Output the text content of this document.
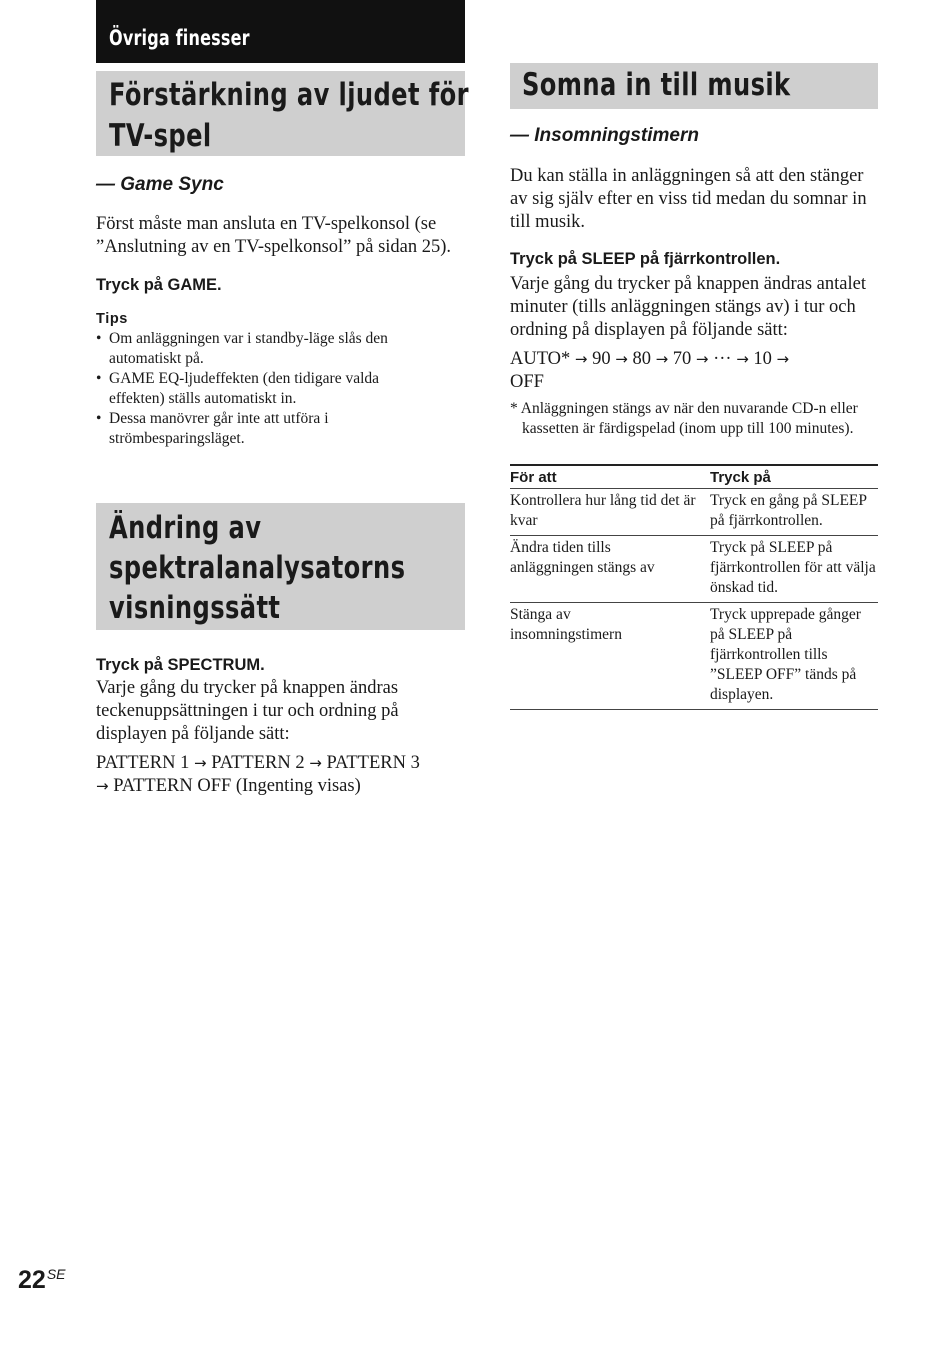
Övriga finesser
Förstärkning av ljudet för
TV-spel
— Game Sync
Först måste man ansluta en TV-spelkonsol (se ”Anslutning av en TV-spelkonsol” på sidan 25).
Tryck på GAME.
Tips
• Om anläggningen var i standby-läge slås den automatiskt på.
• GAME EQ-ljudeffekten (den tidigare valda effekten) ställs automatiskt in.
• Dessa manövrer går inte att utföra i strömbesparingsläget.
Ändring av
spektralanalysatorns
visningssätt
Tryck på SPECTRUM.
Varje gång du trycker på knappen ändras teckenuppsättningen i tur och ordning på displayen på följande sätt:
PATTERN 1 → PATTERN 2 → PATTERN 3
→ PATTERN OFF (Ingenting visas)
Somna in till musik
— Insomningstimern
Du kan ställa in anläggningen så att den stänger av sig själv efter en viss tid medan du somnar in till musik.
Tryck på SLEEP på fjärrkontrollen.
Varje gång du trycker på knappen ändras antalet minuter (tills anläggningen stängs av) i tur och ordning på displayen på följande sätt:
AUTO* → 90 → 80 → 70 → ··· → 10 →
OFF
* Anläggningen stängs av när den nuvarande CD-n eller kassetten är färdigspelad (inom upp till 100 minutes).
För att	Tryck på
Kontrollera hur lång tid det är kvar	Tryck en gång på SLEEP på fjärrkontrollen.
Ändra tiden tills anläggningen stängs av	Tryck på SLEEP på fjärrkontrollen för att välja önskad tid.
Stänga av insomningstimern	Tryck upprepade gånger på SLEEP på fjärrkontrollen tills ”SLEEP OFF” tänds på displayen.
$22^{SE}$
